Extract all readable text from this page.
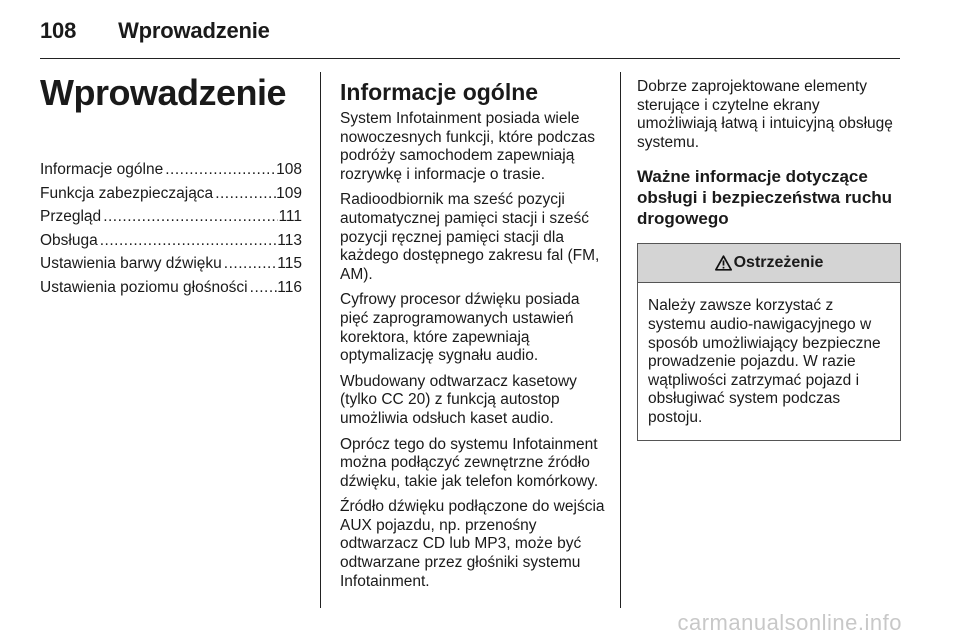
108 Wprowadzenie
Wprowadzenie
Informacje ogólne .....	108
Funkcja zabezpieczająca .....	109
Przegląd .....	111
Obsługa .....	113
Ustawienia barwy dźwięku .....	115
Ustawienia poziomu głośności ..... 116
Informacje ogólne

System Infotainment posiada wiele nowoczesnych funkcji, które podczas podróży samochodem zapewniają rozrywkę i informacje o trasie.

Radioodbiornik ma sześć pozycji automatycznej pamięci stacji i sześć pozycji ręcznej pamięci stacji dla każdego dostępnego zakresu fal (FM, AM).

Cyfrowy procesor dźwięku posiada pięć zaprogramowanych ustawień korektora, które zapewniają optymalizację sygnału audio.

Wbudowany odtwarzacz kasetowy (tylko CC 20) z funkcją autostop umożliwia odsłuch kaset audio.

Oprócz tego do systemu Infotainment można podłączyć zewnętrzne źródło dźwięku, takie jak telefon komórkowy.

Źródło dźwięku podłączone do wejścia AUX pojazdu, np. przenośny odtwarzacz CD lub MP3, może być odtwarzane przez głośniki systemu Infotainment.

Dobrze zaprojektowane elementy sterujące i czytelne ekrany umożliwiają łatwą i intuicyjną obsługę systemu.

Ważne informacje dotyczące obsługi i bezpieczeństwa ruchu drogowego
Ostrzeżenie
Należy zawsze korzystać z systemu audio-nawigacyjnego w sposób umożliwiający bezpieczne prowadzenie pojazdu. W razie wątpliwości zatrzymać pojazd i obsługiwać system podczas postoju.
carmanualsonline.info
